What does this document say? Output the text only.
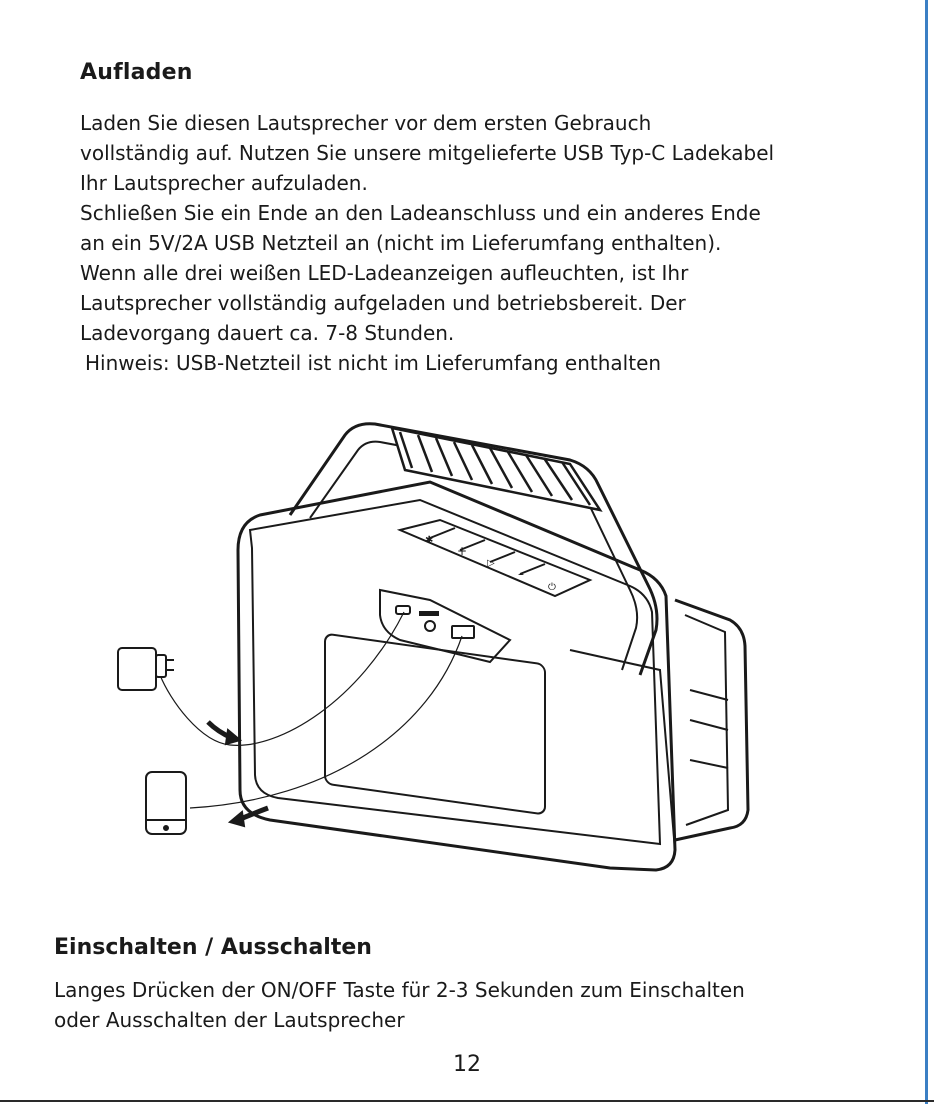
Aufladen
Laden Sie diesen Lautsprecher vor dem ersten Gebrauch
vollständig auf. Nutzen Sie unsere mitgelieferte USB Typ-C Ladekabel
Ihr Lautsprecher aufzuladen.
Schließen Sie ein Ende an den Ladeanschluss und ein anderes Ende
an ein 5V/2A USB Netzteil an (nicht im Lieferumfang enthalten).
Wenn alle drei weißen LED-Ladeanzeigen aufleuchten, ist Ihr
Lautsprecher vollständig aufgeladen und betriebsbereit. Der
Ladevorgang dauert ca. 7-8 Stunden.
Hinweis: USB-Netzteil ist nicht im Lieferumfang enthalten
✱
+
▷
–
⏻
Einschalten / Ausschalten
Langes Drücken der ON/OFF Taste für 2-3 Sekunden zum Einschalten
oder Ausschalten der Lautsprecher
12
